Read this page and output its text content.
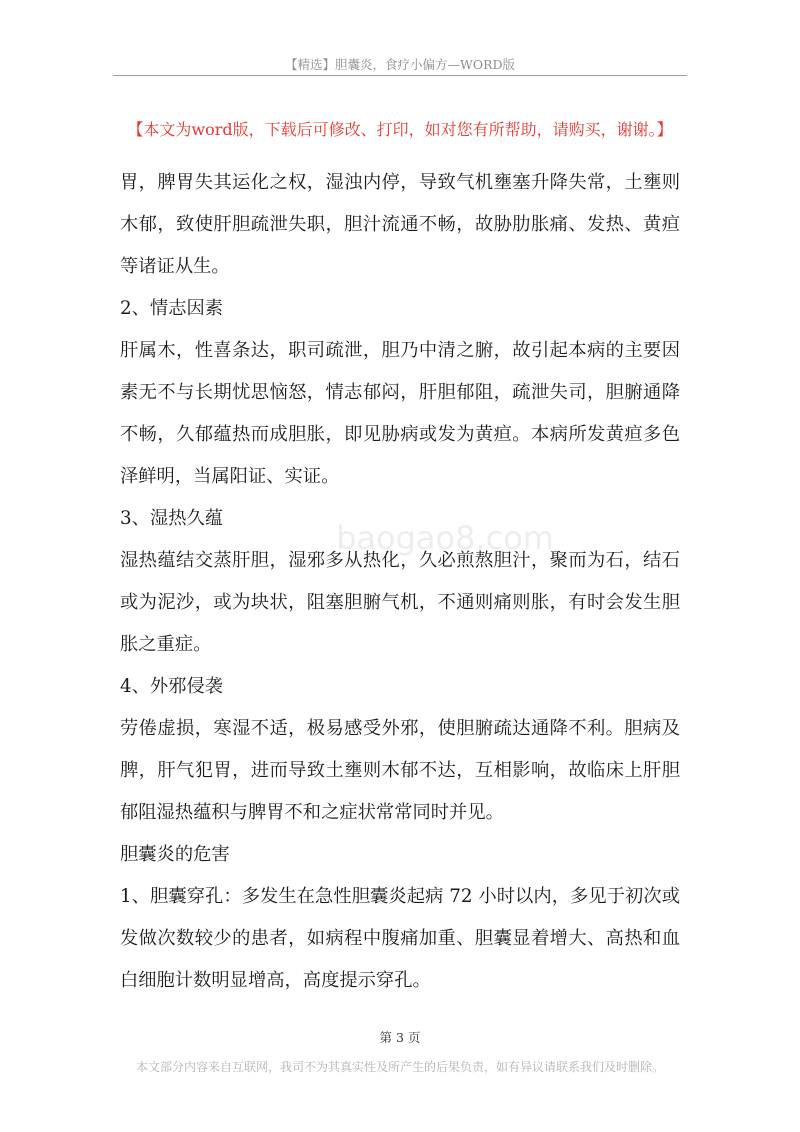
【精选】胆囊炎，食疗小偏方—WORD版
【本文为word版，下载后可修改、打印，如对您有所帮助，请购买，谢谢。】
baogao8.com
胃，脾胃失其运化之权，湿浊内停，导致气机壅塞升降失常，土壅则
木郁，致使肝胆疏泄失职，胆汁流通不畅，故胁肋胀痛、发热、黄疸
等诸证从生。
2、情志因素
肝属木，性喜条达，职司疏泄，胆乃中清之腑，故引起本病的主要因
素无不与长期忧思恼怒，情志郁闷，肝胆郁阻，疏泄失司，胆腑通降
不畅，久郁蕴热而成胆胀，即见胁病或发为黄疸。本病所发黄疸多色
泽鲜明，当属阳证、实证。
3、湿热久蕴
湿热蕴结交蒸肝胆，湿邪多从热化，久必煎熬胆汁，聚而为石，结石
或为泥沙，或为块状，阻塞胆腑气机，不通则痛则胀，有时会发生胆
胀之重症。
4、外邪侵袭
劳倦虚损，寒湿不适，极易感受外邪，使胆腑疏达通降不利。胆病及
脾，肝气犯胃，进而导致土壅则木郁不达，互相影响，故临床上肝胆
郁阻湿热蕴积与脾胃不和之症状常常同时并见。
胆囊炎的危害
1、胆囊穿孔：多发生在急性胆囊炎起病 72 小时以内，多见于初次或
发做次数较少的患者，如病程中腹痛加重、胆囊显着增大、高热和血
白细胞计数明显增高，高度提示穿孔。
第 3 页
本文部分内容来自互联网，我司不为其真实性及所产生的后果负责，如有异议请联系我们及时删除。
